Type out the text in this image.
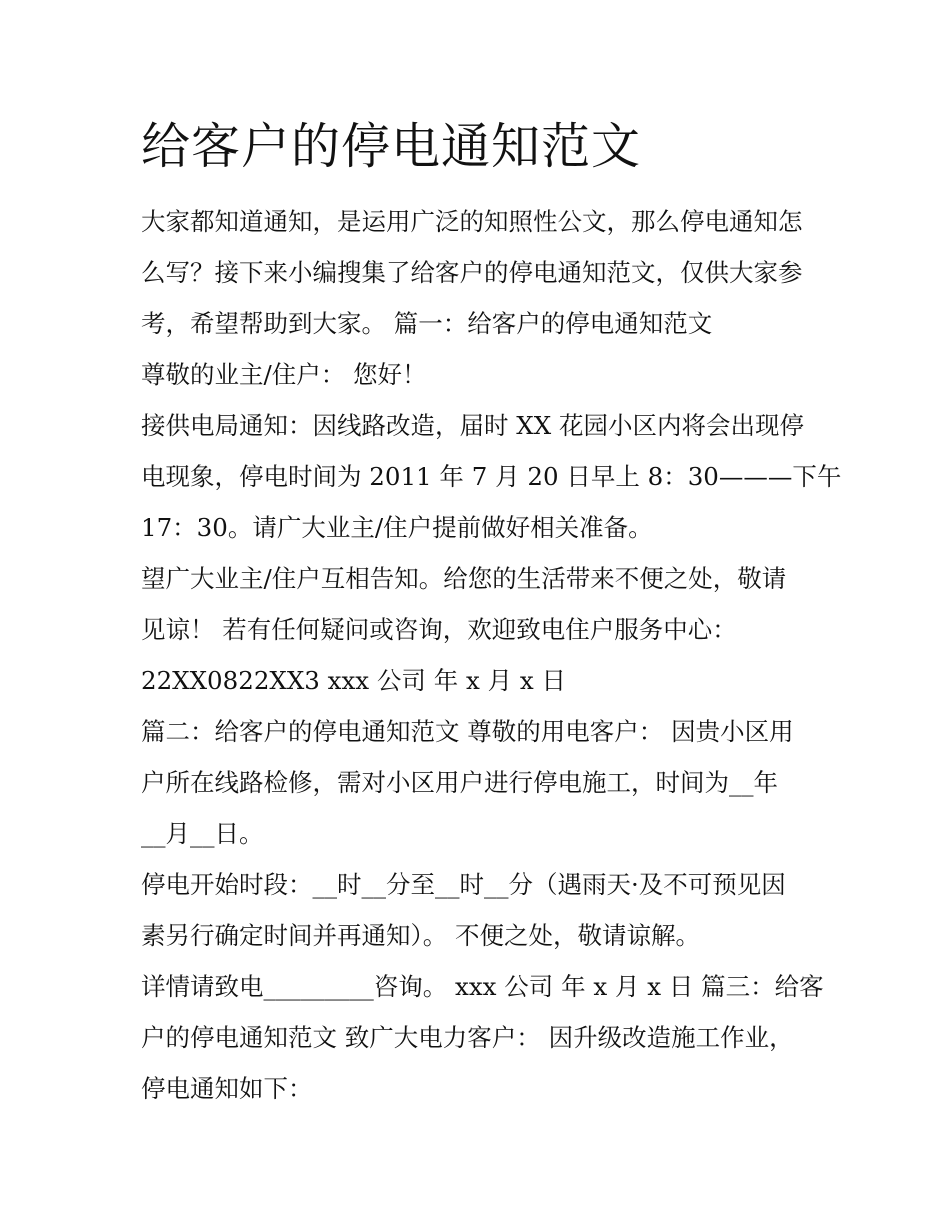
给客户的停电通知范文
大家都知道通知，是运用广泛的知照性公文，那么停电通知怎
么写？接下来小编搜集了给客户的停电通知范文，仅供大家参
考，希望帮助到大家。 篇一：给客户的停电通知范文
尊敬的业主/住户： 您好！
接供电局通知：因线路改造，届时 XX 花园小区内将会出现停
电现象，停电时间为 2011 年 7 月 20 日早上 8：30———下午
17：30。请广大业主/住户提前做好相关准备。
望广大业主/住户互相告知。给您的生活带来不便之处，敬请
见谅！ 若有任何疑问或咨询，欢迎致电住户服务中心：
22XX0822XX3 xxx 公司 年 x 月 x 日
篇二：给客户的停电通知范文 尊敬的用电客户： 因贵小区用
户所在线路检修，需对小区用户进行停电施工，时间为__年
__月__日。
停电开始时段：__时__分至__时__分（遇雨天·及不可预见因
素另行确定时间并再通知）。 不便之处，敬请谅解。
详情请致电_________咨询。 xxx 公司 年 x 月 x 日 篇三：给客
户的停电通知范文 致广大电力客户： 因升级改造施工作业，
停电通知如下：
